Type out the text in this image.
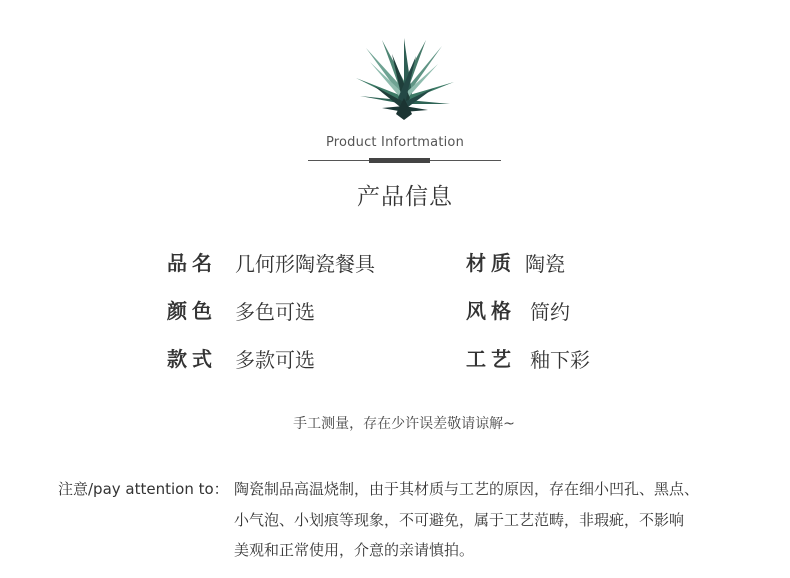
Product Infortmation
产品信息
品名 几何形陶瓷餐具	材质 陶瓷
颜色 多色可选	风格 简约
款式 多款可选	工艺 釉下彩
手工测量，存在少许误差敬请谅解~
注意/pay attention to： 陶瓷制品高温烧制，由于其材质与工艺的原因，存在细小凹孔、黑点、
小气泡、小划痕等现象，不可避免，属于工艺范畴，非瑕疵，不影响
美观和正常使用，介意的亲请慎拍。
